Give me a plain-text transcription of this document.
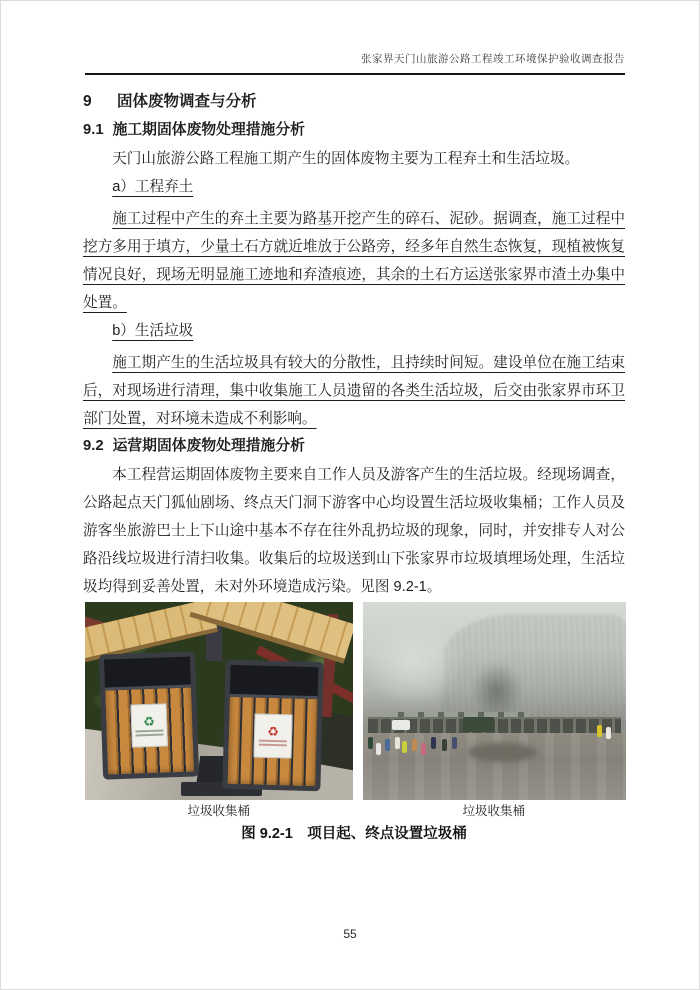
张家界天门山旅游公路工程竣工环境保护验收调查报告
9	固体废物调查与分析
9.1 施工期固体废物处理措施分析

天门山旅游公路工程施工期产生的固体废物主要为工程弃土和生活垃圾。

a）工程弃土

施工过程中产生的弃土主要为路基开挖产生的碎石、泥砂。据调查，施工过程中挖方多用于填方，少量土石方就近堆放于公路旁，经多年自然生态恢复，现植被恢复情况良好，现场无明显施工迹地和弃渣痕迹，其余的土石方运送张家界市渣土办集中处置。

b）生活垃圾

施工期产生的生活垃圾具有较大的分散性，且持续时间短。建设单位在施工结束后，对现场进行清理，集中收集施工人员遗留的各类生活垃圾，后交由张家界市环卫部门处置，对环境未造成不利影响。

9.2 运营期固体废物处理措施分析

本工程营运期固体废物主要来自工作人员及游客产生的生活垃圾。经现场调查，公路起点天门狐仙剧场、终点天门洞下游客中心均设置生活垃圾收集桶；工作人员及游客坐旅游巴士上下山途中基本不存在往外乱扔垃圾的现象，同时，并安排专人对公路沿线垃圾进行清扫收集。收集后的垃圾送到山下张家界市垃圾填埋场处理，生活垃圾均得到妥善处置，未对外环境造成污染。见图 9.2-1。

♻
♻
垃圾收集桶	垃圾收集桶
图 9.2-1　项目起、终点设置垃圾桶
55
